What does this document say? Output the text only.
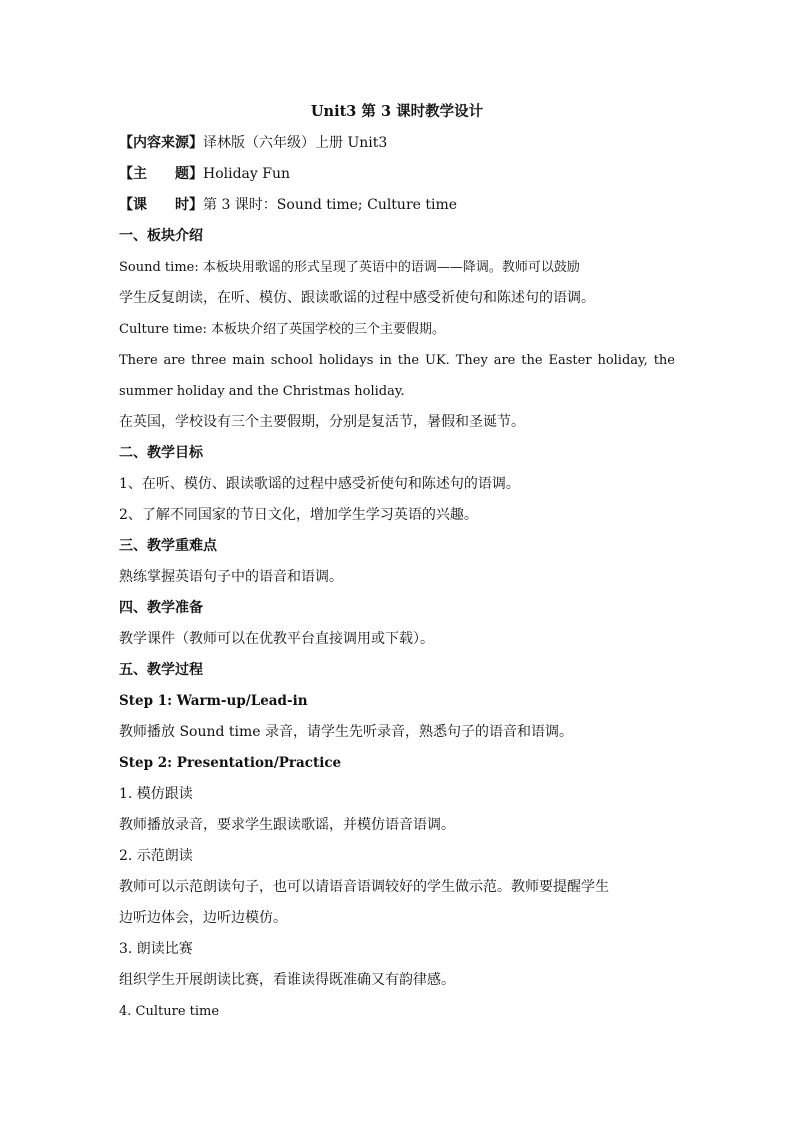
Unit3 第 3 课时教学设计
【内容来源】译林版（六年级）上册 Unit3
【主　　题】Holiday Fun
【课　　时】第 3 课时：Sound time; Culture time
一、板块介绍
Sound time: 本板块用歌谣的形式呈现了英语中的语调——降调。教师可以鼓励
学生反复朗读，在听、模仿、跟读歌谣的过程中感受祈使句和陈述句的语调。
Culture time: 本板块介绍了英国学校的三个主要假期。
There are three main school holidays in the UK. They are the Easter holiday, the
summer holiday and the Christmas holiday.
在英国，学校设有三个主要假期，分别是复活节，暑假和圣诞节。
二、教学目标
1、在听、模仿、跟读歌谣的过程中感受祈使句和陈述句的语调。
2、了解不同国家的节日文化，增加学生学习英语的兴趣。
三、教学重难点
熟练掌握英语句子中的语音和语调。
四、教学准备
教学课件（教师可以在优教平台直接调用或下载）。
五、教学过程
Step 1: Warm-up/Lead-in
教师播放 Sound time 录音，请学生先听录音，熟悉句子的语音和语调。
Step 2: Presentation/Practice
1. 模仿跟读
教师播放录音，要求学生跟读歌谣，并模仿语音语调。
2. 示范朗读
教师可以示范朗读句子，也可以请语音语调较好的学生做示范。教师要提醒学生
边听边体会，边听边模仿。
3. 朗读比赛
组织学生开展朗读比赛，看谁读得既准确又有韵律感。
4. Culture time
